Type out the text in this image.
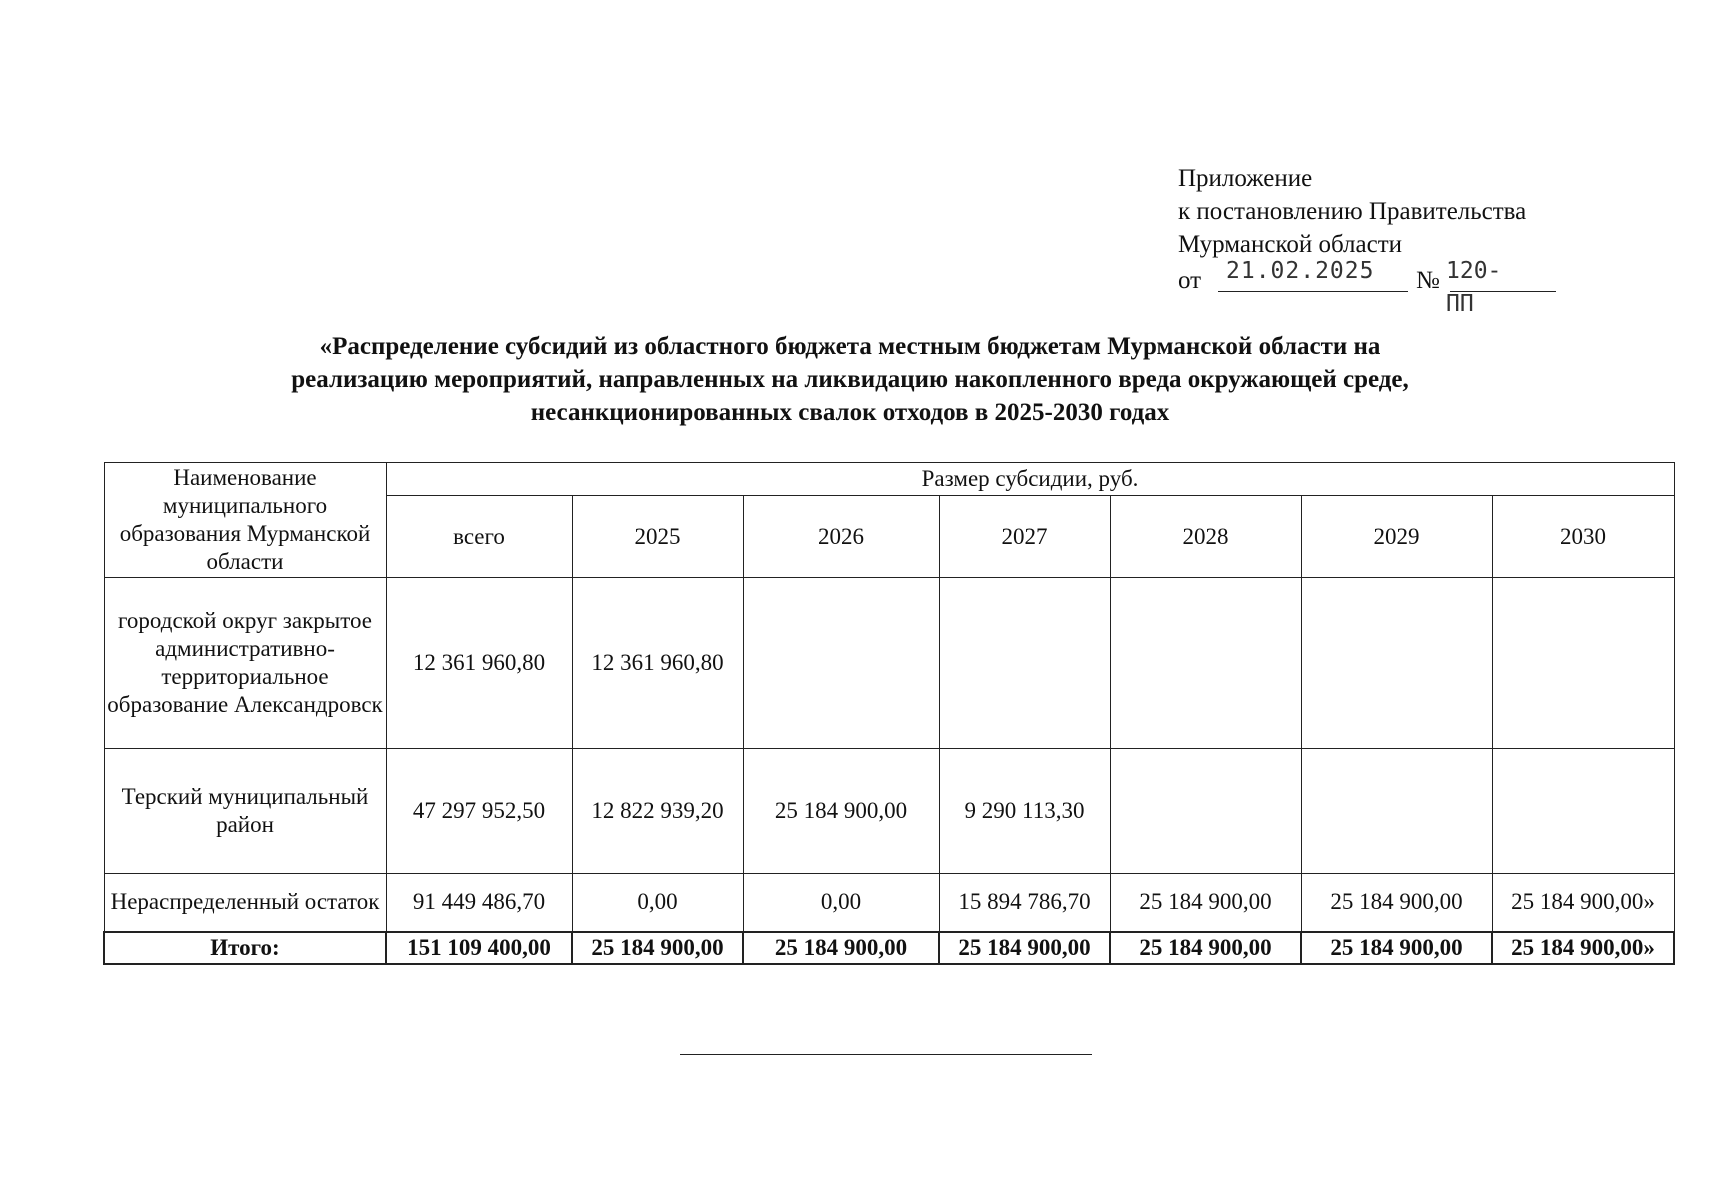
Приложение
к постановлению Правительства
Мурманской области
от 21.02.2025 № 120-ПП
«Распределение субсидий из областного бюджета местным бюджетам Мурманской области на
реализацию мероприятий, направленных на ликвидацию накопленного вреда окружающей среде,
несанкционированных свалок отходов в 2025-2030 годах
Наименование муниципального образования Мурманской области	Размер субсидии, руб.						
	всего	2025	2026	2027	2028	2029	2030
городской округ закрытое административно-территориальное образование Александровск	12 361 960,80	12 361 960,80					
Терский муниципальный район	47 297 952,50	12 822 939,20	25 184 900,00	9 290 113,30			
Нераспределенный остаток	91 449 486,70	0,00	0,00	15 894 786,70	25 184 900,00	25 184 900,00	25 184 900,00»
Итого:	151 109 400,00	25 184 900,00	25 184 900,00	25 184 900,00	25 184 900,00	25 184 900,00	25 184 900,00»
